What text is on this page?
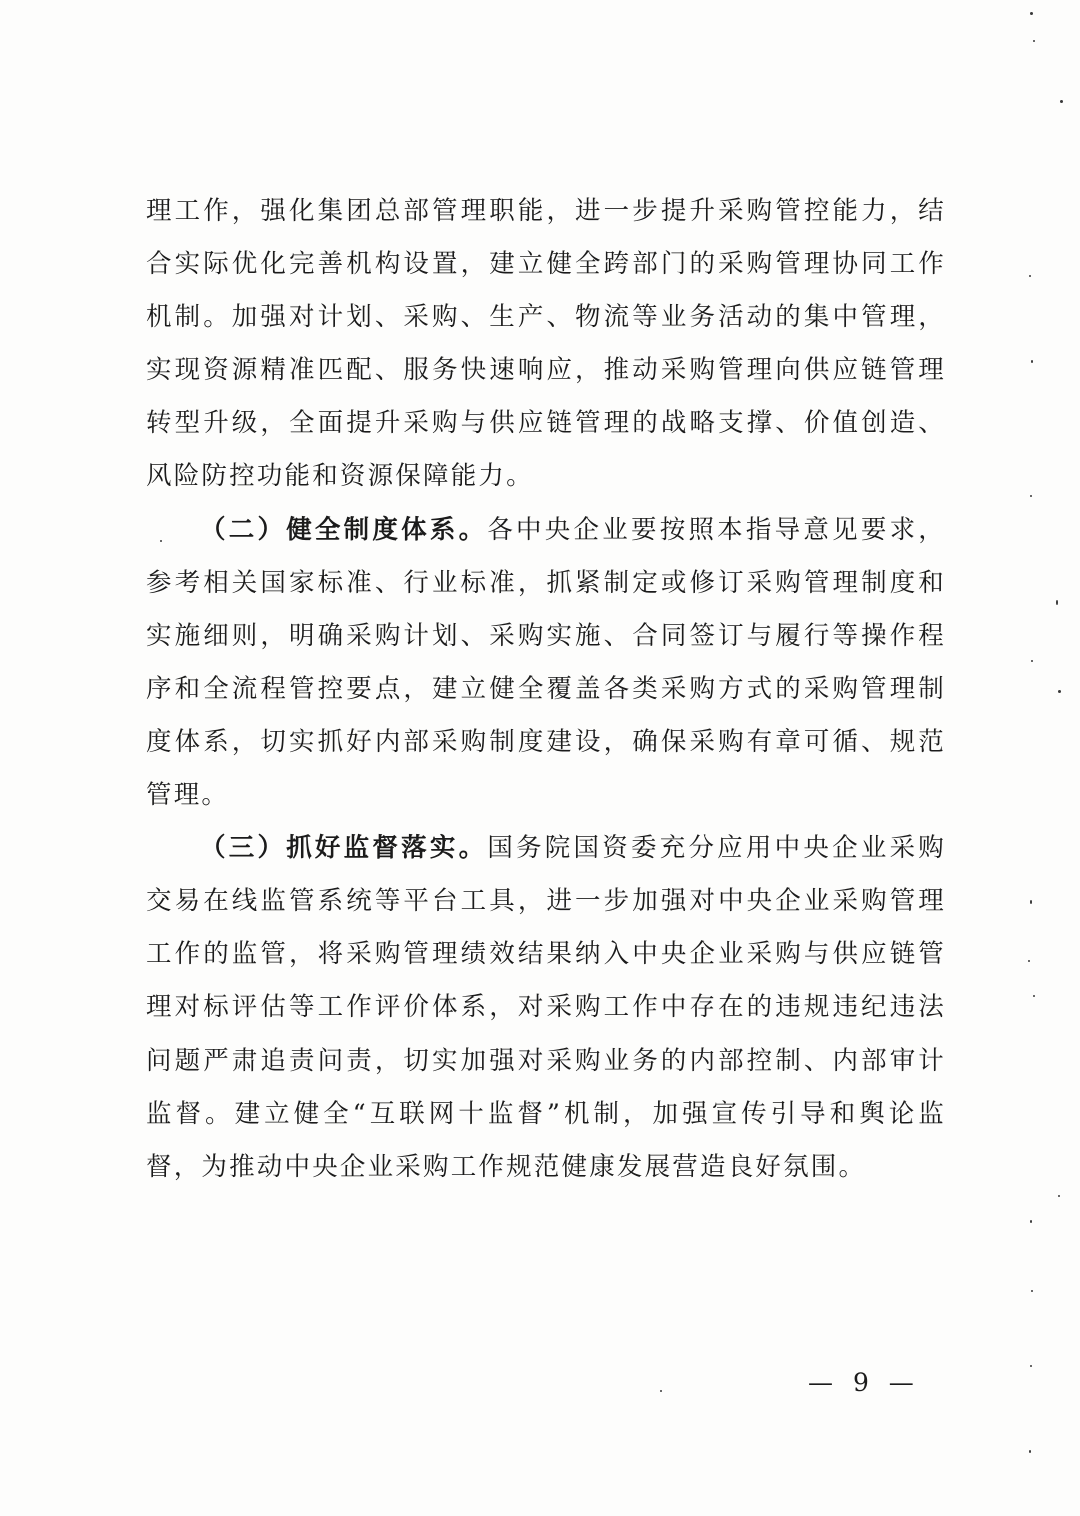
理工作，强化集团总部管理职能，进一步提升采购管控能力，结合实际优化完善机构设置，建立健全跨部门的采购管理协同工作机制。加强对计划、采购、生产、物流等业务活动的集中管理，实现资源精准匹配、服务快速响应，推动采购管理向供应链管理转型升级，全面提升采购与供应链管理的战略支撑、价值创造、风险防控功能和资源保障能力。

（二）健全制度体系。各中央企业要按照本指导意见要求，参考相关国家标准、行业标准，抓紧制定或修订采购管理制度和实施细则，明确采购计划、采购实施、合同签订与履行等操作程序和全流程管控要点，建立健全覆盖各类采购方式的采购管理制度体系，切实抓好内部采购制度建设，确保采购有章可循、规范管理。

（三）抓好监督落实。国务院国资委充分应用中央企业采购交易在线监管系统等平台工具，进一步加强对中央企业采购管理工作的监管，将采购管理绩效结果纳入中央企业采购与供应链管理对标评估等工作评价体系，对采购工作中存在的违规违纪违法问题严肃追责问责，切实加强对采购业务的内部控制、内部审计监督。建立健全“互联网十监督”机制，加强宣传引导和舆论监督，为推动中央企业采购工作规范健康发展营造良好氛围。

— 9 —
